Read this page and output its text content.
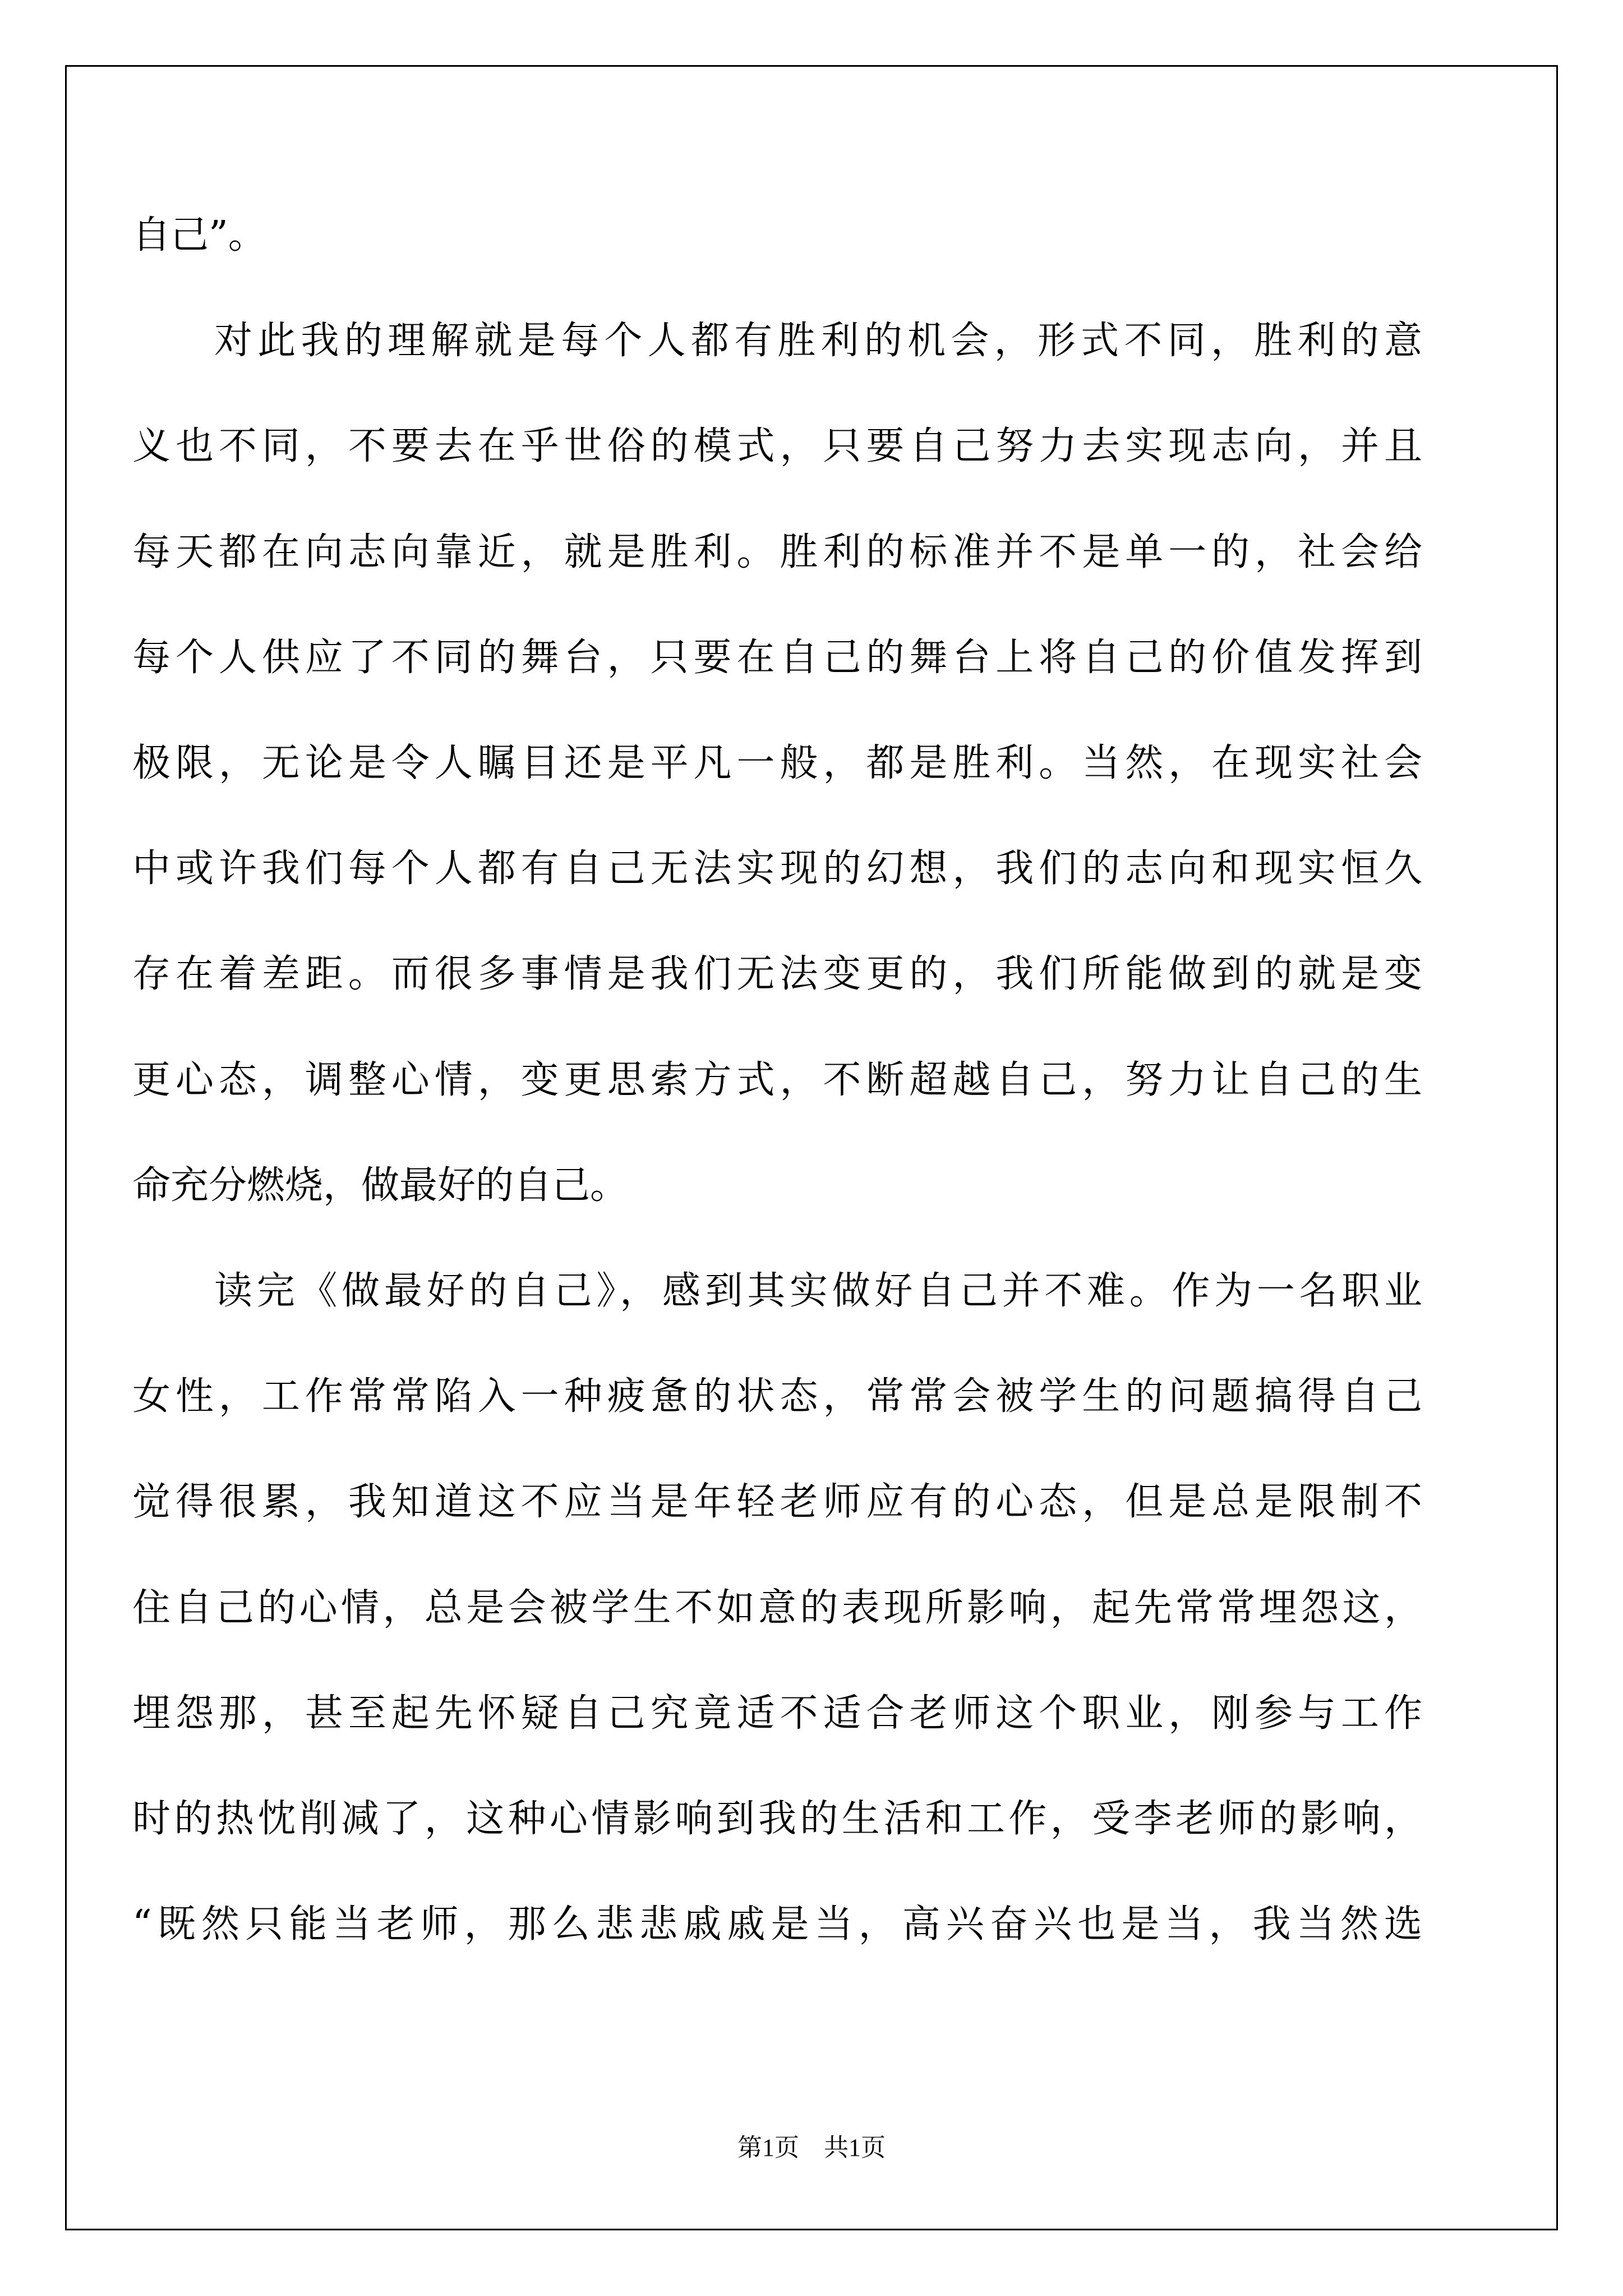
自己”。
对此我的理解就是每个人都有胜利的机会，形式不同，胜利的意
义也不同，不要去在乎世俗的模式，只要自己努力去实现志向，并且
每天都在向志向靠近，就是胜利。胜利的标准并不是单一的，社会给
每个人供应了不同的舞台，只要在自己的舞台上将自己的价值发挥到
极限，无论是令人瞩目还是平凡一般，都是胜利。当然，在现实社会
中或许我们每个人都有自己无法实现的幻想，我们的志向和现实恒久
存在着差距。而很多事情是我们无法变更的，我们所能做到的就是变
更心态，调整心情，变更思索方式，不断超越自己，努力让自己的生
命充分燃烧，做最好的自己。
读完《做最好的自己》，感到其实做好自己并不难。作为一名职业
女性，工作常常陷入一种疲惫的状态，常常会被学生的问题搞得自己
觉得很累，我知道这不应当是年轻老师应有的心态，但是总是限制不
住自己的心情，总是会被学生不如意的表现所影响，起先常常埋怨这，
埋怨那，甚至起先怀疑自己究竟适不适合老师这个职业，刚参与工作
时的热忱削减了，这种心情影响到我的生活和工作，受李老师的影响，
“既然只能当老师，那么悲悲戚戚是当，高兴奋兴也是当，我当然选
第1页　共1页
